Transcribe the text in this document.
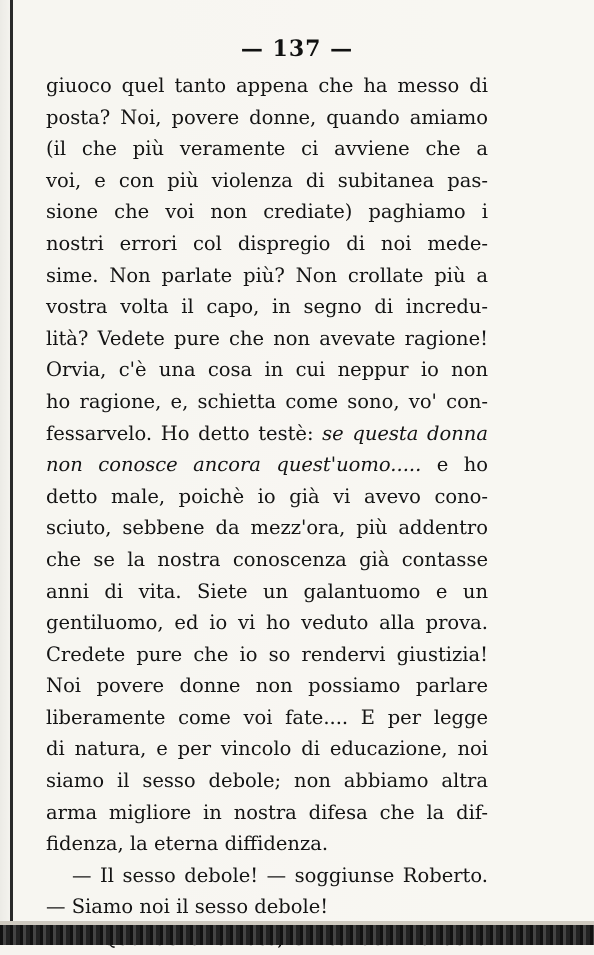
— 137 —
giuoco quel tanto appena che ha messo di
posta? Noi, povere donne, quando amiamo
(il che più veramente ci avviene che a
voi, e con più violenza di subitanea pas-
sione che voi non crediate) paghiamo i
nostri errori col dispregio di noi mede-
sime. Non parlate più? Non crollate più a
vostra volta il capo, in segno di incredu-
lità? Vedete pure che non avevate ragione!
Orvia, c'è una cosa in cui neppur io non
ho ragione, e, schietta come sono, vo' con-
fessarvelo. Ho detto testè: se questa donna
non conosce ancora quest'uomo..... e ho
detto male, poichè io già vi avevo cono-
sciuto, sebbene da mezz'ora, più addentro
che se la nostra conoscenza già contasse
anni di vita. Siete un galantuomo e un
gentiluomo, ed io vi ho veduto alla prova.
Credete pure che io so rendervi giustizia!
Noi povere donne non possiamo parlare
liberamente come voi fate.... E per legge
di natura, e per vincolo di educazione, noi
siamo il sesso debole; non abbiamo altra
arma migliore in nostra difesa che la dif-
fidenza, la eterna diffidenza.
— Il sesso debole! — soggiunse Roberto.
— Siamo noi il sesso debole!
